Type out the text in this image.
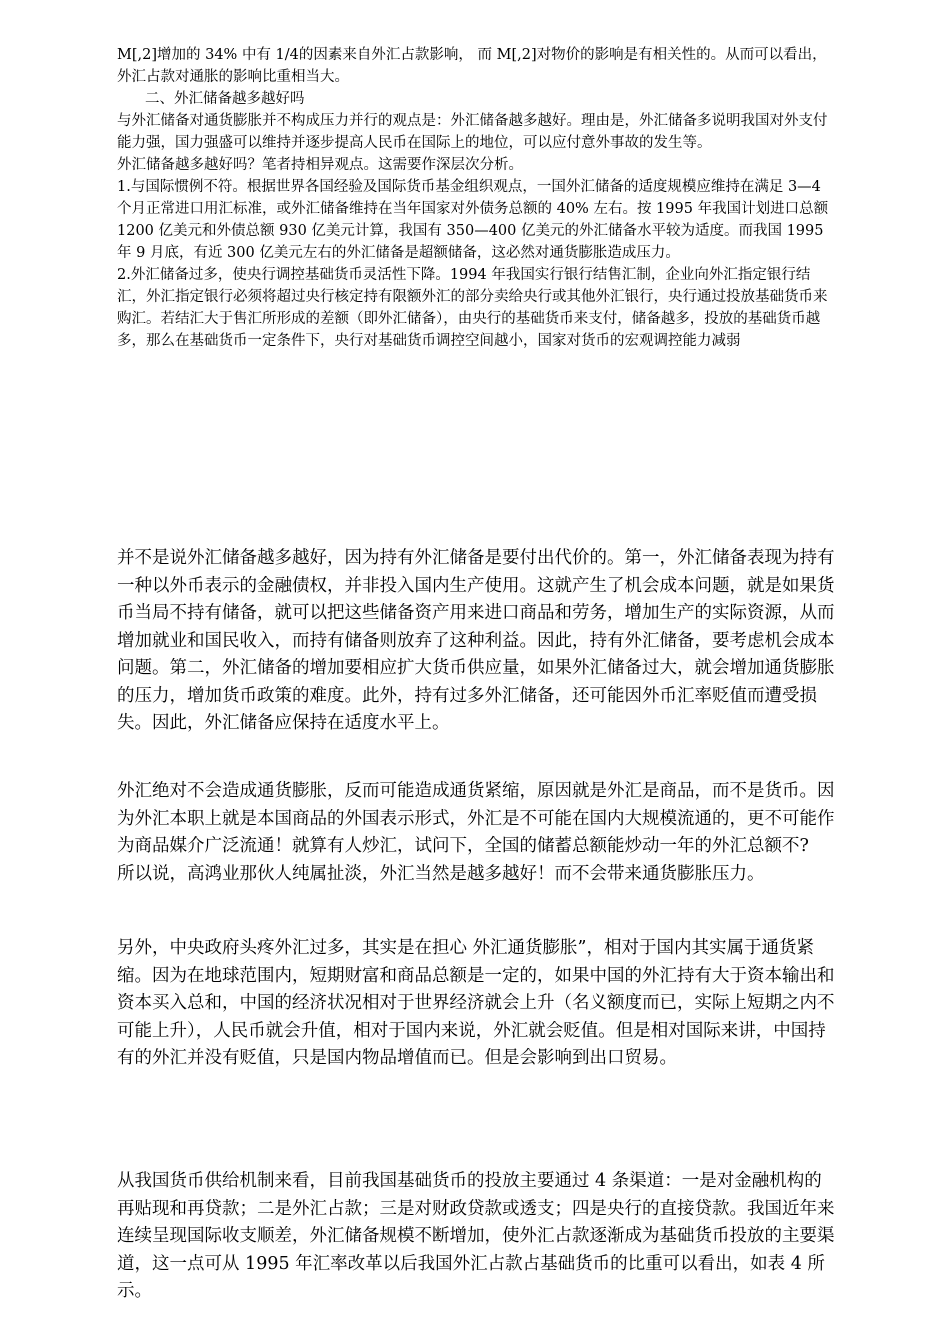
M[,2]增加的 34% 中有 1/4的因素来自外汇占款影响， 而 M[,2]对物价的影响是有相关性的。从而可以看出，外汇占款对通胀的影响比重相当大。

二、外汇储备越多越好吗

与外汇储备对通货膨胀并不构成压力并行的观点是：外汇储备越多越好。理由是，外汇储备多说明我国对外支付能力强，国力强盛可以维持并逐步提高人民币在国际上的地位，可以应付意外事故的发生等。

外汇储备越多越好吗？笔者持相异观点。这需要作深层次分析。

1.与国际惯例不符。根据世界各国经验及国际货币基金组织观点，一国外汇储备的适度规模应维持在满足 3—4 个月正常进口用汇标准，或外汇储备维持在当年国家对外债务总额的 40% 左右。按 1995 年我国计划进口总额 1200 亿美元和外债总额 930 亿美元计算，我国有 350—400 亿美元的外汇储备水平较为适度。而我国 1995 年 9 月底，有近 300 亿美元左右的外汇储备是超额储备，这必然对通货膨胀造成压力。

2.外汇储备过多，使央行调控基础货币灵活性下降。1994 年我国实行银行结售汇制，企业向外汇指定银行结汇，外汇指定银行必须将超过央行核定持有限额外汇的部分卖给央行或其他外汇银行，央行通过投放基础货币来购汇。若结汇大于售汇所形成的差额（即外汇储备），由央行的基础货币来支付，储备越多，投放的基础货币越多，那么在基础货币一定条件下，央行对基础货币调控空间越小，国家对货币的宏观调控能力减弱

并不是说外汇储备越多越好，因为持有外汇储备是要付出代价的。第一，外汇储备表现为持有一种以外币表示的金融债权，并非投入国内生产使用。这就产生了机会成本问题，就是如果货币当局不持有储备，就可以把这些储备资产用来进口商品和劳务，增加生产的实际资源，从而增加就业和国民收入，而持有储备则放弃了这种利益。因此，持有外汇储备，要考虑机会成本问题。第二，外汇储备的增加要相应扩大货币供应量，如果外汇储备过大，就会增加通货膨胀的压力，增加货币政策的难度。此外，持有过多外汇储备，还可能因外币汇率贬值而遭受损失。因此，外汇储备应保持在适度水平上。

外汇绝对不会造成通货膨胀，反而可能造成通货紧缩，原因就是外汇是商品，而不是货币。因为外汇本职上就是本国商品的外国表示形式，外汇是不可能在国内大规模流通的，更不可能作为商品媒介广泛流通！就算有人炒汇，试问下，全国的储蓄总额能炒动一年的外汇总额不?

所以说，高鸿业那伙人纯属扯淡，外汇当然是越多越好！而不会带来通货膨胀压力。

另外，中央政府头疼外汇过多，其实是在担心 外汇通货膨胀”，相对于国内其实属于通货紧缩。因为在地球范围内，短期财富和商品总额是一定的，如果中国的外汇持有大于资本输出和资本买入总和，中国的经济状况相对于世界经济就会上升（名义额度而已，实际上短期之内不可能上升），人民币就会升值，相对于国内来说，外汇就会贬值。但是相对国际来讲，中国持有的外汇并没有贬值，只是国内物品增值而已。但是会影响到出口贸易。

从我国货币供给机制来看，目前我国基础货币的投放主要通过 4 条渠道：一是对金融机构的再贴现和再贷款；二是外汇占款；三是对财政贷款或透支；四是央行的直接贷款。我国近年来连续呈现国际收支顺差，外汇储备规模不断增加，使外汇占款逐渐成为基础货币投放的主要渠道，这一点可从 1995 年汇率改革以后我国外汇占款占基础货币的比重可以看出，如表 4 所示。
